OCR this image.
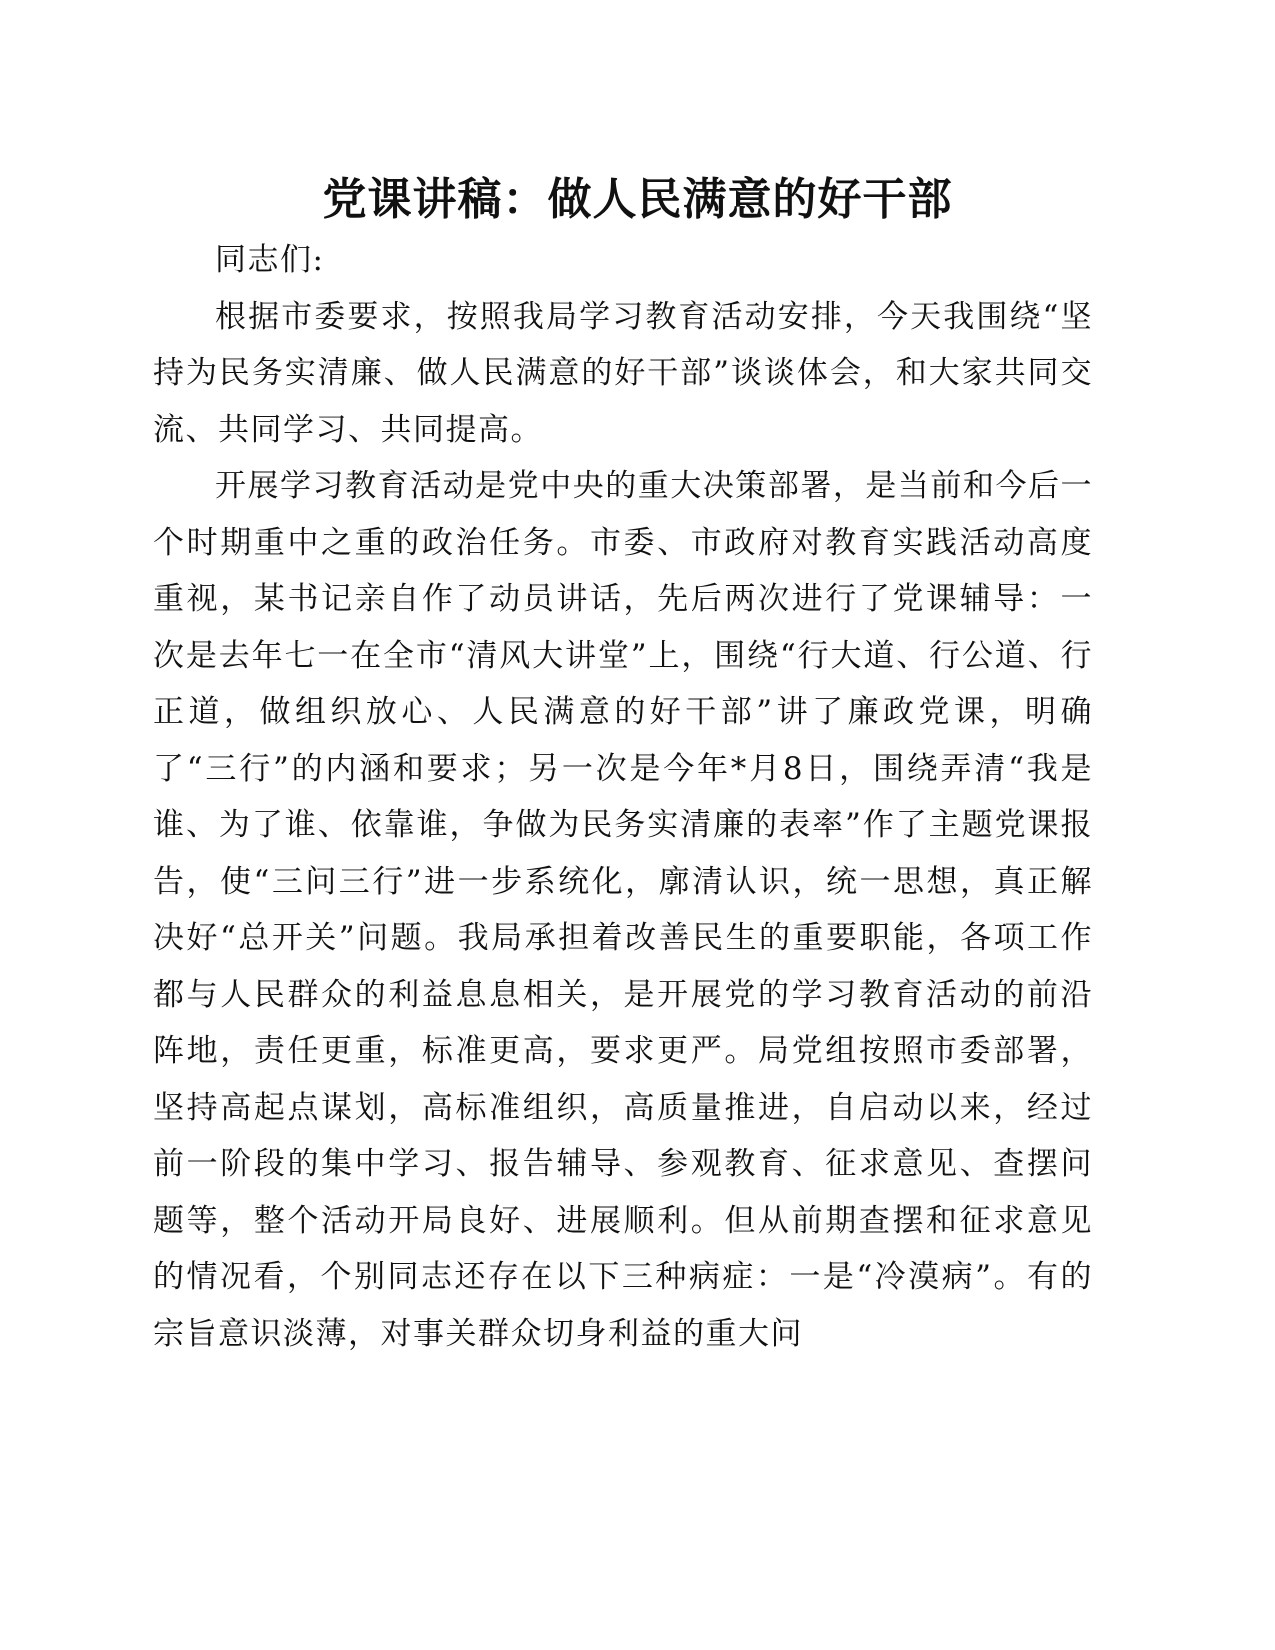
党课讲稿：做人民满意的好干部

同志们:

根据市委要求，按照我局学习教育活动安排，今天我围绕“坚持为民务实清廉、做人民满意的好干部”谈谈体会，和大家共同交流、共同学习、共同提高。

开展学习教育活动是党中央的重大决策部署，是当前和今后一个时期重中之重的政治任务。市委、市政府对教育实践活动高度重视，某书记亲自作了动员讲话，先后两次进行了党课辅导：一次是去年七一在全市“清风大讲堂”上，围绕“行大道、行公道、行正道，做组织放心、人民满意的好干部”讲了廉政党课，明确了“三行”的内涵和要求；另一次是今年*月8日，围绕弄清“我是谁、为了谁、依靠谁，争做为民务实清廉的表率”作了主题党课报告，使“三问三行”进一步系统化，廓清认识，统一思想，真正解决好“总开关”问题。我局承担着改善民生的重要职能，各项工作都与人民群众的利益息息相关，是开展党的学习教育活动的前沿阵地，责任更重，标准更高，要求更严。局党组按照市委部署，坚持高起点谋划，高标准组织，高质量推进，自启动以来，经过前一阶段的集中学习、报告辅导、参观教育、征求意见、查摆问题等，整个活动开局良好、进展顺利。但从前期查摆和征求意见的情况看，个别同志还存在以下三种病症：一是“冷漠病”。有的宗旨意识淡薄，对事关群众切身利益的重大问
